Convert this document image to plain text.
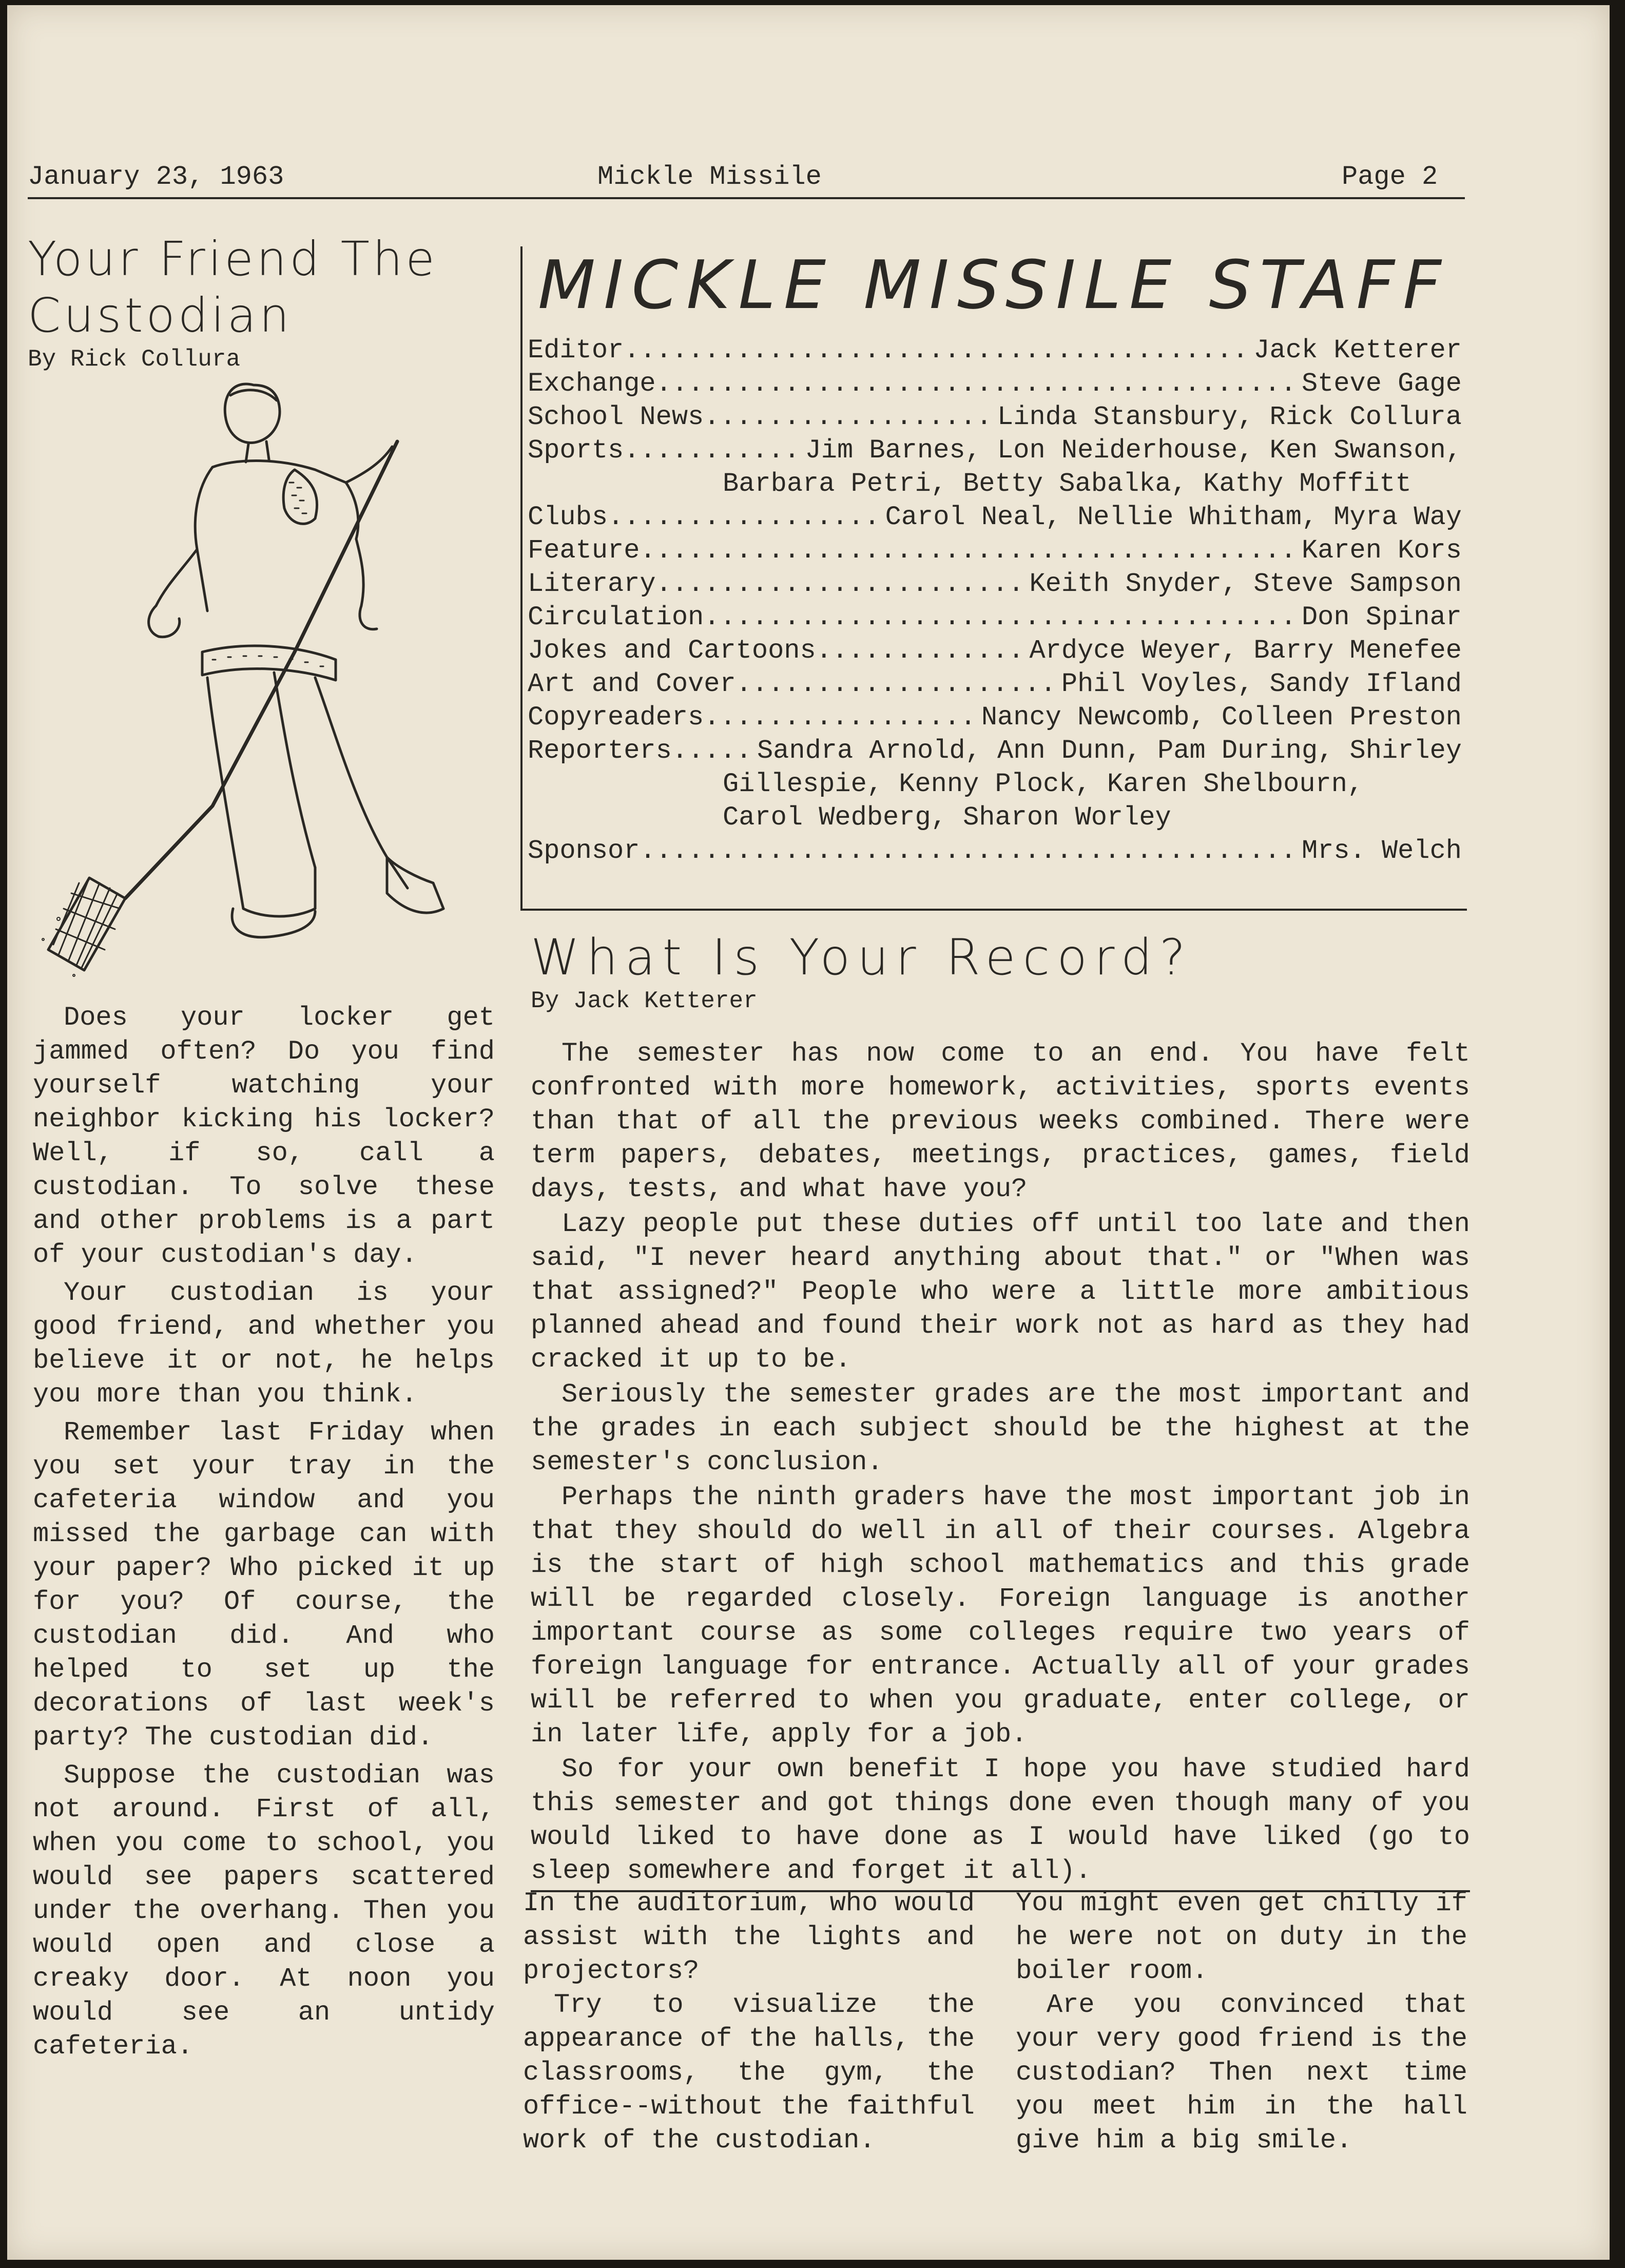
January 23, 1963	Mickle Missile	Page 2
Your Friend The Custodian
By Rick Collura

Does your locker get jammed often? Do you find yourself watching your neighbor kicking his locker? Well, if so, call a custodian. To solve these and other problems is a part of your custodian's day.

Your custodian is your good friend, and whether you believe it or not, he helps you more than you think.

Remember last Friday when you set your tray in the cafeteria window and you missed the garbage can with your paper? Who picked it up for you? Of course, the custodian did. And who helped to set up the decorations of last week's party? The custodian did.

Suppose the custodian was not around. First of all, when you come to school, you would see papers scattered under the overhang. Then you would open and close a creaky door. At noon you would see an untidy cafeteria.

MICKLE MISSILE STAFF
Editor .....	Jack Ketterer
Exchange .....	Steve Gage
School News .....	Linda Stansbury, Rick Collura
Sports .....	Jim Barnes, Lon Neiderhouse, Ken Swanson,
Barbara Petri, Betty Sabalka, Kathy Moffitt
Clubs .....	Carol Neal, Nellie Whitham, Myra Way
Feature .....	Karen Kors
Literary .....	Keith Snyder, Steve Sampson
Circulation .....	Don Spinar
Jokes and Cartoons .....	Ardyce Weyer, Barry Menefee
Art and Cover .....	Phil Voyles, Sandy Ifland
Copyreaders .....	Nancy Newcomb, Colleen Preston
Reporters .....	Sandra Arnold, Ann Dunn, Pam During, Shirley
Gillespie, Kenny Plock, Karen Shelbourn,
Carol Wedberg, Sharon Worley
Sponsor .....	Mrs. Welch
What Is Your Record?
By Jack Ketterer

The semester has now come to an end. You have felt confronted with more homework, activities, sports events than that of all the previous weeks combined. There were term papers, debates, meetings, practices, games, field days, tests, and what have you?

Lazy people put these duties off until too late and then said, "I never heard anything about that." or "When was that assigned?" People who were a little more ambitious planned ahead and found their work not as hard as they had cracked it up to be.

Seriously the semester grades are the most important and the grades in each subject should be the highest at the semester's conclusion.

Perhaps the ninth graders have the most important job in that they should do well in all of their courses. Algebra is the start of high school mathematics and this grade will be regarded closely. Foreign language is another important course as some colleges require two years of foreign language for entrance. Actually all of your grades will be referred to when you graduate, enter college, or in later life, apply for a job.

So for your own benefit I hope you have studied hard this semester and got things done even though many of you would liked to have done as I would have liked (go to sleep somewhere and forget it all).

In the auditorium, who would assist with the lights and projectors?

Try to visualize the appearance of the halls, the classrooms, the gym, the office--without the faithful work of the custodian.

You might even get chilly if he were not on duty in the boiler room.

Are you convinced that your very good friend is the custodian? Then next time you meet him in the hall give him a big smile.
